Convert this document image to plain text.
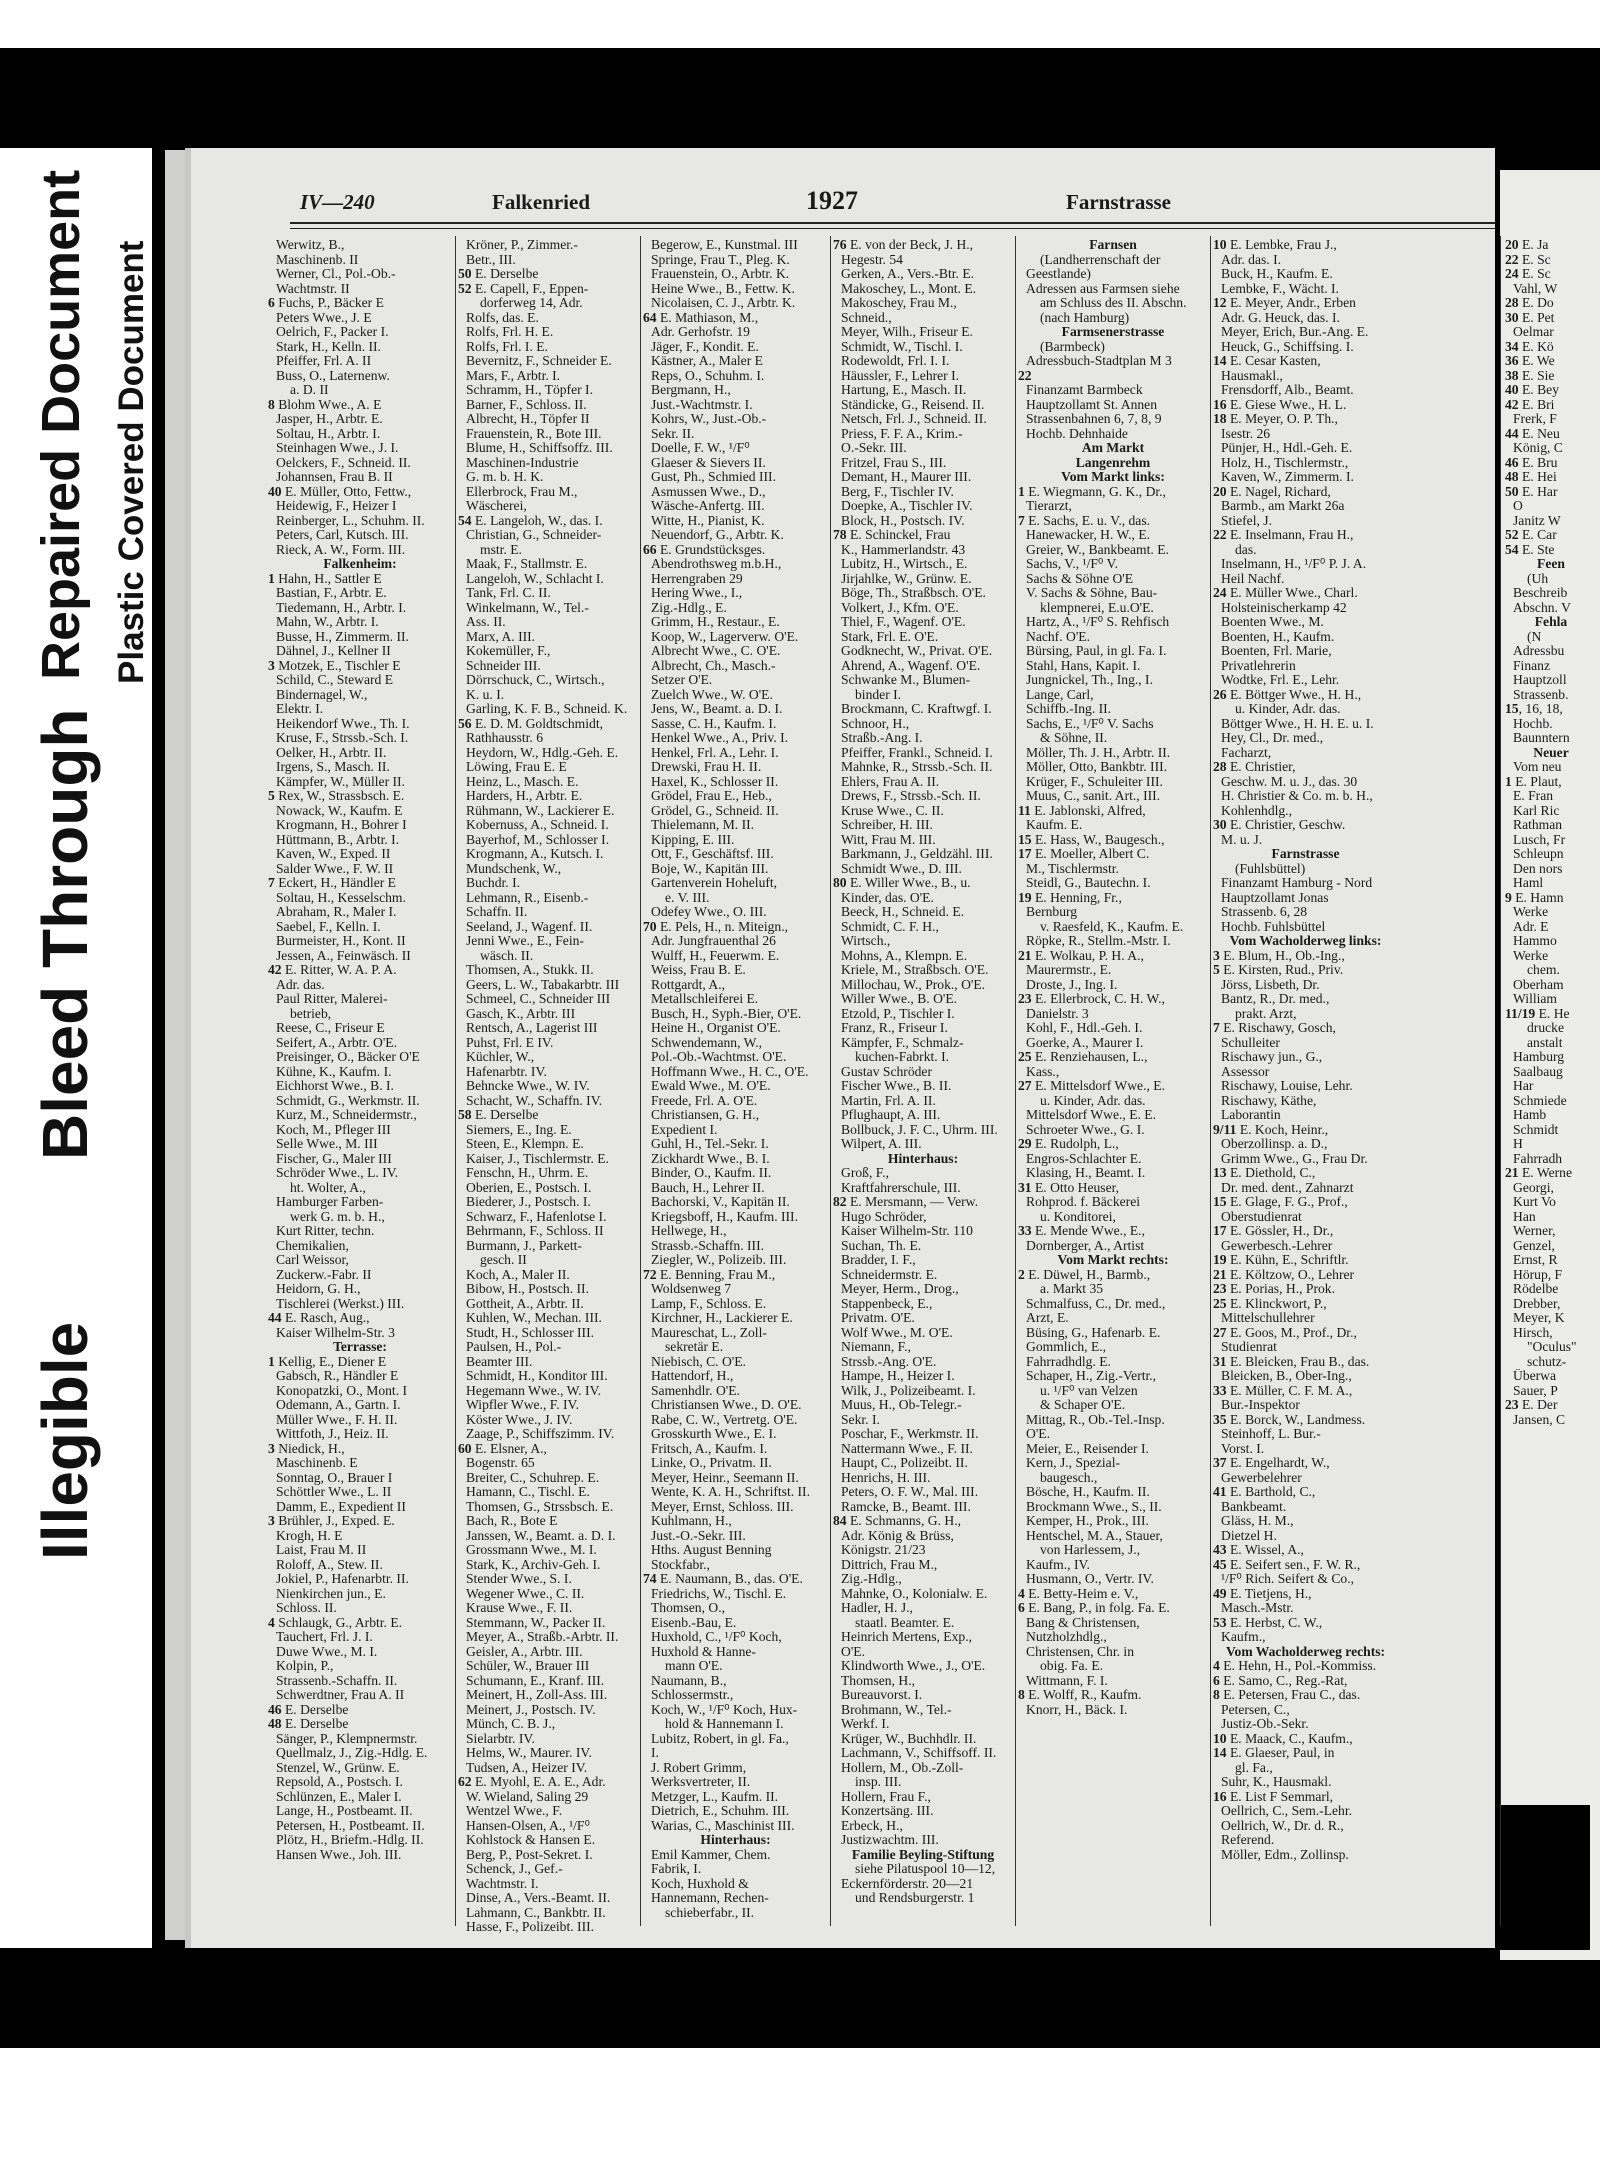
Illegible
Bleed Through
Repaired Document Plastic Covered Document
IV—240	Falkenried	1927	Farnstrasse
Werwitz, B.,
Maschinenb. II
Werner, Cl., Pol.-Ob.-
Wachtmstr. II
6 Fuchs, P., Bäcker E
Peters Wwe., J. E
Oelrich, F., Packer I.
Stark, H., Kelln. II.
Pfeiffer, Frl. A. II
Buss, O., Laternenw.
a. D. II
8 Blohm Wwe., A. E
Jasper, H., Arbtr. E.
Soltau, H., Arbtr. I.
Steinhagen Wwe., J. I.
Oelckers, F., Schneid. II.
Johannsen, Frau B. II
40 E. Müller, Otto, Fettw.,
Heidewig, F., Heizer I
Reinberger, L., Schuhm. II.
Peters, Carl, Kutsch. III.
Rieck, A. W., Form. III.
Falkenheim:
1 Hahn, H., Sattler E
Bastian, F., Arbtr. E.
Tiedemann, H., Arbtr. I.
Mahn, W., Arbtr. I.
Busse, H., Zimmerm. II.
Dähnel, J., Kellner II
3 Motzek, E., Tischler E
Schild, C., Steward E
Bindernagel, W.,
Elektr. I.
Heikendorf Wwe., Th. I.
Kruse, F., Strssb.-Sch. I.
Oelker, H., Arbtr. II.
Irgens, S., Masch. II.
Kämpfer, W., Müller II.
5 Rex, W., Strassbsch. E.
Nowack, W., Kaufm. E
Krogmann, H., Bohrer I
Hüttmann, B., Arbtr. I.
Kaven, W., Exped. II
Salder Wwe., F. W. II
7 Eckert, H., Händler E
Soltau, H., Kesselschm.
Abraham, R., Maler I.
Saebel, F., Kelln. I.
Burmeister, H., Kont. II
Jessen, A., Feinwäsch. II
42 E. Ritter, W. A. P. A.
Adr. das.
Paul Ritter, Malerei-
betrieb,
Reese, C., Friseur E
Seifert, A., Arbtr. O'E.
Preisinger, O., Bäcker O'E
Kühne, K., Kaufm. I.
Eichhorst Wwe., B. I.
Schmidt, G., Werkmstr. II.
Kurz, M., Schneidermstr.,
Koch, M., Pfleger III
Selle Wwe., M. III
Fischer, G., Maler III
Schröder Wwe., L. IV.
ht. Wolter, A.,
Hamburger Farben-
werk G. m. b. H.,
Kurt Ritter, techn.
Chemikalien,
Carl Weissor,
Zuckerw.-Fabr. II
Heidorn, G. H.,
Tischlerei (Werkst.) III.
44 E. Rasch, Aug.,
Kaiser Wilhelm-Str. 3
Terrasse:
1 Kellig, E., Diener E
Gabsch, R., Händler E
Konopatzki, O., Mont. I
Odemann, A., Gartn. I.
Müller Wwe., F. H. II.
Wittfoth, J., Heiz. II.
3 Niedick, H.,
Maschinenb. E
Sonntag, O., Brauer I
Schöttler Wwe., L. II
Damm, E., Expedient II
3 Brühler, J., Exped. E.
Krogh, H. E
Laist, Frau M. II
Roloff, A., Stew. II.
Jokiel, P., Hafenarbtr. II.
Nienkirchen jun., E.
Schloss. II.
4 Schlaugk, G., Arbtr. E.
Tauchert, Frl. J. I.
Duwe Wwe., M. I.
Kolpin, P.,
Strassenb.-Schaffn. II.
Schwerdtner, Frau A. II
46 E. Derselbe
48 E. Derselbe
Sänger, P., Klempnermstr.
Quellmalz, J., Zig.-Hdlg. E.
Stenzel, W., Grünw. E.
Repsold, A., Postsch. I.
Schlünzen, E., Maler I.
Lange, H., Postbeamt. II.
Petersen, H., Postbeamt. II.
Plötz, H., Briefm.-Hdlg. II.
Hansen Wwe., Joh. III.
Kröner, P., Zimmer.-
Betr., III.
50 E. Derselbe
52 E. Capell, F., Eppen-
dorferweg 14, Adr.
Rolfs, das. E.
Rolfs, Frl. H. E.
Rolfs, Frl. I. E.
Bevernitz, F., Schneider E.
Mars, F., Arbtr. I.
Schramm, H., Töpfer I.
Barner, F., Schloss. II.
Albrecht, H., Töpfer II
Frauenstein, R., Bote III.
Blume, H., Schiffsoffz. III.
Maschinen-Industrie
G. m. b. H. K.
Ellerbrock, Frau M.,
Wäscherei,
54 E. Langeloh, W., das. I.
Christian, G., Schneider-
mstr. E.
Maak, F., Stallmstr. E.
Langeloh, W., Schlacht I.
Tank, Frl. C. II.
Winkelmann, W., Tel.-
Ass. II.
Marx, A. III.
Kokemüller, F.,
Schneider III.
Dörrschuck, C., Wirtsch.,
K. u. I.
Garling, K. F. B., Schneid. K.
56 E. D. M. Goldtschmidt,
Rathhausstr. 6
Heydorn, W., Hdlg.-Geh. E.
Löwing, Frau E. E
Heinz, L., Masch. E.
Harders, H., Arbtr. E.
Rühmann, W., Lackierer E.
Kobernuss, A., Schneid. I.
Bayerhof, M., Schlosser I.
Krogmann, A., Kutsch. I.
Mundschenk, W.,
Buchdr. I.
Lehmann, R., Eisenb.-
Schaffn. II.
Seeland, J., Wagenf. II.
Jenni Wwe., E., Fein-
wäsch. II.
Thomsen, A., Stukk. II.
Geers, L. W., Tabakarbtr. III
Schmeel, C., Schneider III
Gasch, K., Arbtr. III
Rentsch, A., Lagerist III
Puhst, Frl. E IV.
Küchler, W.,
Hafenarbtr. IV.
Behncke Wwe., W. IV.
Schacht, W., Schaffn. IV.
58 E. Derselbe
Siemers, E., Ing. E.
Steen, E., Klempn. E.
Kaiser, J., Tischlermstr. E.
Fenschn, H., Uhrm. E.
Oberien, E., Postsch. I.
Biederer, J., Postsch. I.
Schwarz, F., Hafenlotse I.
Behrmann, F., Schloss. II
Burmann, J., Parkett-
gesch. II
Koch, A., Maler II.
Bibow, H., Postsch. II.
Gottheit, A., Arbtr. II.
Kuhlen, W., Mechan. III.
Studt, H., Schlosser III.
Paulsen, H., Pol.-
Beamter III.
Schmidt, H., Konditor III.
Hegemann Wwe., W. IV.
Wipfler Wwe., F. IV.
Köster Wwe., J. IV.
Zaage, P., Schiffszimm. IV.
60 E. Elsner, A.,
Bogenstr. 65
Breiter, C., Schuhrep. E.
Hamann, C., Tischl. E.
Thomsen, G., Strssbsch. E.
Bach, R., Bote E
Janssen, W., Beamt. a. D. I.
Grossmann Wwe., M. I.
Stark, K., Archiv-Geh. I.
Stender Wwe., S. I.
Wegener Wwe., C. II.
Krause Wwe., F. II.
Stemmann, W., Packer II.
Meyer, A., Straßb.-Arbtr. II.
Geisler, A., Arbtr. III.
Schüler, W., Brauer III
Schumann, E., Kranf. III.
Meinert, H., Zoll-Ass. III.
Meinert, J., Postsch. IV.
Münch, C. B. J.,
Sielarbtr. IV.
Helms, W., Maurer. IV.
Tudsen, A., Heizer IV.
62 E. Myohl, E. A. E., Adr.
W. Wieland, Saling 29
Wentzel Wwe., F.
Hansen-Olsen, A., ¹/F⁰
Kohlstock & Hansen E.
Berg, P., Post-Sekret. I.
Schenck, J., Gef.-
Wachtmstr. I.
Dinse, A., Vers.-Beamt. II.
Lahmann, C., Bankbtr. II.
Hasse, F., Polizeibt. III.
Begerow, E., Kunstmal. III
Springe, Frau T., Pleg. K.
Frauenstein, O., Arbtr. K.
Heine Wwe., B., Fettw. K.
Nicolaisen, C. J., Arbtr. K.
64 E. Mathiason, M.,
Adr. Gerhofstr. 19
Jäger, F., Kondit. E.
Kästner, A., Maler E
Reps, O., Schuhm. I.
Bergmann, H.,
Just.-Wachtmstr. I.
Kohrs, W., Just.-Ob.-
Sekr. II.
Doelle, F. W., ¹/F⁰
Glaeser & Sievers II.
Gust, Ph., Schmied III.
Asmussen Wwe., D.,
Wäsche-Anfertg. III.
Witte, H., Pianist, K.
Neuendorf, G., Arbtr. K.
66 E. Grundstücksges.
Abendrothsweg m.b.H.,
Herrengraben 29
Hering Wwe., I.,
Zig.-Hdlg., E.
Grimm, H., Restaur., E.
Koop, W., Lagerverw. O'E.
Albrecht Wwe., C. O'E.
Albrecht, Ch., Masch.-
Setzer O'E.
Zuelch Wwe., W. O'E.
Jens, W., Beamt. a. D. I.
Sasse, C. H., Kaufm. I.
Henkel Wwe., A., Priv. I.
Henkel, Frl. A., Lehr. I.
Drewski, Frau H. II.
Haxel, K., Schlosser II.
Grödel, Frau E., Heb.,
Grödel, G., Schneid. II.
Thielemann, M. II.
Kipping, E. III.
Ott, F., Geschäftsf. III.
Boje, W., Kapitän III.
Gartenverein Hoheluft,
e. V. III.
Odefey Wwe., O. III.
70 E. Pels, H., n. Miteign.,
Adr. Jungfrauenthal 26
Wulff, H., Feuerwm. E.
Weiss, Frau B. E.
Rottgardt, A.,
Metallschleiferei E.
Busch, H., Syph.-Bier, O'E.
Heine H., Organist O'E.
Schwendemann, W.,
Pol.-Ob.-Wachtmst. O'E.
Hoffmann Wwe., H. C., O'E.
Ewald Wwe., M. O'E.
Freede, Frl. A. O'E.
Christiansen, G. H.,
Expedient I.
Guhl, H., Tel.-Sekr. I.
Zickhardt Wwe., B. I.
Binder, O., Kaufm. II.
Bauch, H., Lehrer II.
Bachorski, V., Kapitän II.
Kriegsboff, H., Kaufm. III.
Hellwege, H.,
Strassb.-Schaffn. III.
Ziegler, W., Polizeib. III.
72 E. Benning, Frau M.,
Woldsenweg 7
Lamp, F., Schloss. E.
Kirchner, H., Lackierer E.
Maureschat, L., Zoll-
sekretär E.
Niebisch, C. O'E.
Hattendorf, H.,
Samenhdlr. O'E.
Christiansen Wwe., D. O'E.
Rabe, C. W., Vertretg. O'E.
Grosskurth Wwe., E. I.
Fritsch, A., Kaufm. I.
Linke, O., Privatm. II.
Meyer, Heinr., Seemann II.
Wente, K. A. H., Schriftst. II.
Meyer, Ernst, Schloss. III.
Kuhlmann, H.,
Just.-O.-Sekr. III.
Hths. August Benning
Stockfabr.,
74 E. Naumann, B., das. O'E.
Friedrichs, W., Tischl. E.
Thomsen, O.,
Eisenb.-Bau, E.
Huxhold, C., ¹/F⁰ Koch,
Huxhold & Hanne-
mann O'E.
Naumann, B.,
Schlossermstr.,
Koch, W., ¹/F⁰ Koch, Hux-
hold & Hannemann I.
Lubitz, Robert, in gl. Fa.,
I.
J. Robert Grimm,
Werksvertreter, II.
Metzger, L., Kaufm. II.
Dietrich, E., Schuhm. III.
Warias, C., Maschinist III.
Hinterhaus:
Emil Kammer, Chem.
Fabrik, I.
Koch, Huxhold &
Hannemann, Rechen-
schieberfabr., II.
76 E. von der Beck, J. H.,
Hegestr. 54
Gerken, A., Vers.-Btr. E.
Makoschey, L., Mont. E.
Makoschey, Frau M.,
Schneid.,
Meyer, Wilh., Friseur E.
Schmidt, W., Tischl. I.
Rodewoldt, Frl. I. I.
Häussler, F., Lehrer I.
Hartung, E., Masch. II.
Ständicke, G., Reisend. II.
Netsch, Frl. J., Schneid. II.
Priess, F. F. A., Krim.-
O.-Sekr. III.
Fritzel, Frau S., III.
Demant, H., Maurer III.
Berg, F., Tischler IV.
Doepke, A., Tischler IV.
Block, H., Postsch. IV.
78 E. Schinckel, Frau
K., Hammerlandstr. 43
Lubitz, H., Wirtsch., E.
Jirjahlke, W., Grünw. E.
Böge, Th., Straßbsch. O'E.
Volkert, J., Kfm. O'E.
Thiel, F., Wagenf. O'E.
Stark, Frl. E. O'E.
Godknecht, W., Privat. O'E.
Ahrend, A., Wagenf. O'E.
Schwanke M., Blumen-
binder I.
Brockmann, C. Kraftwgf. I.
Schnoor, H.,
Straßb.-Ang. I.
Pfeiffer, Frankl., Schneid. I.
Mahnke, R., Strssb.-Sch. II.
Ehlers, Frau A. II.
Drews, F., Strssb.-Sch. II.
Kruse Wwe., C. II.
Schreiber, H. III.
Witt, Frau M. III.
Barkmann, J., Geldzähl. III.
Schmidt Wwe., D. III.
80 E. Willer Wwe., B., u.
Kinder, das. O'E.
Beeck, H., Schneid. E.
Schmidt, C. F. H.,
Wirtsch.,
Mohns, A., Klempn. E.
Kriele, M., Straßbsch. O'E.
Millochau, W., Prok., O'E.
Willer Wwe., B. O'E.
Etzold, P., Tischler I.
Franz, R., Friseur I.
Kämpfer, F., Schmalz-
kuchen-Fabrkt. I.
Gustav Schröder
Fischer Wwe., B. II.
Martin, Frl. A. II.
Pflughaupt, A. III.
Bollbuck, J. F. C., Uhrm. III.
Wilpert, A. III.
Hinterhaus:
Groß, F.,
Kraftfahrerschule, III.
82 E. Mersmann, — Verw.
Hugo Schröder,
Kaiser Wilhelm-Str. 110
Suchan, Th. E.
Bradder, I. F.,
Schneidermstr. E.
Meyer, Herm., Drog.,
Stappenbeck, E.,
Privatm. O'E.
Wolf Wwe., M. O'E.
Niemann, F.,
Strssb.-Ang. O'E.
Hampe, H., Heizer I.
Wilk, J., Polizeibeamt. I.
Muus, H., Ob-Telegr.-
Sekr. I.
Poschar, F., Werkmstr. II.
Nattermann Wwe., F. II.
Haupt, C., Polizeibt. II.
Henrichs, H. III.
Peters, O. F. W., Mal. III.
Ramcke, B., Beamt. III.
84 E. Schmanns, G. H.,
Adr. König & Brüss,
Königstr. 21/23
Dittrich, Frau M.,
Zig.-Hdlg.,
Mahnke, O., Kolonialw. E.
Hadler, H. J.,
staatl. Beamter. E.
Heinrich Mertens, Exp.,
O'E.
Klindworth Wwe., J., O'E.
Thomsen, H.,
Bureauvorst. I.
Brohmann, W., Tel.-
Werkf. I.
Krüger, W., Buchhdlr. II.
Lachmann, V., Schiffsoff. II.
Hollern, M., Ob.-Zoll-
insp. III.
Hollern, Frau F.,
Konzertsäng. III.
Erbeck, H.,
Justizwachtm. III.
Familie Beyling-Stiftung
siehe Pilatuspool 10—12,
Eckernförderstr. 20—21
und Rendsburgerstr. 1
Farnsen
(Landherrenschaft der
Geestlande)
Adressen aus Farmsen siehe
am Schluss des II. Abschn.
(nach Hamburg)
Farmsenerstrasse
(Barmbeck)
Adressbuch-Stadtplan M 3
22
Finanzamt Barmbeck
Hauptzollamt St. Annen
Strassenbahnen 6, 7, 8, 9
Hochb. Dehnhaide
Am Markt
Langenrehm
Vom Markt links:
1 E. Wiegmann, G. K., Dr.,
Tierarzt,
7 E. Sachs, E. u. V., das.
Hanewacker, H. W., E.
Greier, W., Bankbeamt. E.
Sachs, V., ¹/F⁰ V.
Sachs & Söhne O'E
V. Sachs & Söhne, Bau-
klempnerei, E.u.O'E.
Hartz, A., ¹/F⁰ S. Rehfisch
Nachf. O'E.
Bürsing, Paul, in gl. Fa. I.
Stahl, Hans, Kapit. I.
Jungnickel, Th., Ing., I.
Lange, Carl,
Schiffb.-Ing. II.
Sachs, E., ¹/F⁰ V. Sachs
& Söhne, II.
Möller, Th. J. H., Arbtr. II.
Möller, Otto, Bankbtr. III.
Krüger, F., Schuleiter III.
Muus, C., sanit. Art., III.
11 E. Jablonski, Alfred,
Kaufm. E.
15 E. Hass, W., Baugesch.,
17 E. Moeller, Albert C.
M., Tischlermstr.
Steidl, G., Bautechn. I.
19 E. Henning, Fr.,
Bernburg
v. Raesfeld, K., Kaufm. E.
Röpke, R., Stellm.-Mstr. I.
21 E. Wolkau, P. H. A.,
Maurermstr., E.
Droste, J., Ing. I.
23 E. Ellerbrock, C. H. W.,
Danielstr. 3
Kohl, F., Hdl.-Geh. I.
Goerke, A., Maurer I.
25 E. Renziehausen, L.,
Kass.,
27 E. Mittelsdorf Wwe., E.
u. Kinder, Adr. das.
Mittelsdorf Wwe., E. E.
Schroeter Wwe., G. I.
29 E. Rudolph, L.,
Engros-Schlachter E.
Klasing, H., Beamt. I.
31 E. Otto Heuser,
Rohprod. f. Bäckerei
u. Konditorei,
33 E. Mende Wwe., E.,
Dornberger, A., Artist
Vom Markt rechts:
2 E. Düwel, H., Barmb.,
a. Markt 35
Schmalfuss, C., Dr. med.,
Arzt, E.
Büsing, G., Hafenarb. E.
Gommlich, E.,
Fahrradhdlg. E.
Schaper, H., Zig.-Vertr.,
u. ¹/F⁰ van Velzen
& Schaper O'E.
Mittag, R., Ob.-Tel.-Insp.
O'E.
Meier, E., Reisender I.
Kern, J., Spezial-
baugesch.,
Bösche, H., Kaufm. II.
Brockmann Wwe., S., II.
Kemper, H., Prok., III.
Hentschel, M. A., Stauer,
von Harlessem, J.,
Kaufm., IV.
Husmann, O., Vertr. IV.
4 E. Betty-Heim e. V.,
6 E. Bang, P., in folg. Fa. E.
Bang & Christensen,
Nutzholzhdlg.,
Christensen, Chr. in
obig. Fa. E.
Wittmann, F. I.
8 E. Wolff, R., Kaufm.
Knorr, H., Bäck. I.
10 E. Lembke, Frau J.,
Adr. das. I.
Buck, H., Kaufm. E.
Lembke, F., Wächt. I.
12 E. Meyer, Andr., Erben
Adr. G. Heuck, das. I.
Meyer, Erich, Bur.-Ang. E.
Heuck, G., Schiffsing. I.
14 E. Cesar Kasten,
Hausmakl.,
Frensdorff, Alb., Beamt.
16 E. Giese Wwe., H. L.
18 E. Meyer, O. P. Th.,
Isestr. 26
Pünjer, H., Hdl.-Geh. E.
Holz, H., Tischlermstr.,
Kaven, W., Zimmerm. I.
20 E. Nagel, Richard,
Barmb., am Markt 26a
Stiefel, J.
22 E. Inselmann, Frau H.,
das.
Inselmann, H., ¹/F⁰ P. J. A.
Heil Nachf.
24 E. Müller Wwe., Charl.
Holsteinischerkamp 42
Boenten Wwe., M.
Boenten, H., Kaufm.
Boenten, Frl. Marie,
Privatlehrerin
Wodtke, Frl. E., Lehr.
26 E. Böttger Wwe., H. H.,
u. Kinder, Adr. das.
Böttger Wwe., H. H. E. u. I.
Hey, Cl., Dr. med.,
Facharzt,
28 E. Christier,
Geschw. M. u. J., das. 30
H. Christier & Co. m. b. H.,
Kohlenhdlg.,
30 E. Christier, Geschw.
M. u. J.
Farnstrasse
(Fuhlsbüttel)
Finanzamt Hamburg - Nord
Hauptzollamt Jonas
Strassenb. 6, 28
Hochb. Fuhlsbüttel
Vom Wacholderweg links:
3 E. Blum, H., Ob.-Ing.,
5 E. Kirsten, Rud., Priv.
Jörss, Lisbeth, Dr.
Bantz, R., Dr. med.,
prakt. Arzt,
7 E. Rischawy, Gosch,
Schulleiter
Rischawy jun., G.,
Assessor
Rischawy, Louise, Lehr.
Rischawy, Käthe,
Laborantin
9/11 E. Koch, Heinr.,
Oberzollinsp. a. D.,
Grimm Wwe., G., Frau Dr.
13 E. Diethold, C.,
Dr. med. dent., Zahnarzt
15 E. Glage, F. G., Prof.,
Oberstudienrat
17 E. Gössler, H., Dr.,
Gewerbesch.-Lehrer
19 E. Kühn, E., Schriftlr.
21 E. Költzow, O., Lehrer
23 E. Porias, H., Prok.
25 E. Klinckwort, P.,
Mittelschullehrer
27 E. Goos, M., Prof., Dr.,
Studienrat
31 E. Bleicken, Frau B., das.
Bleicken, B., Ober-Ing.,
33 E. Müller, C. F. M. A.,
Bur.-Inspektor
35 E. Borck, W., Landmess.
Steinhoff, L. Bur.-
Vorst. I.
37 E. Engelhardt, W.,
Gewerbelehrer
41 E. Barthold, C.,
Bankbeamt.
Gläss, H. M.,
Dietzel H.
43 E. Wissel, A.,
45 E. Seifert sen., F. W. R.,
¹/F⁰ Rich. Seifert & Co.,
49 E. Tietjens, H.,
Masch.-Mstr.
53 E. Herbst, C. W.,
Kaufm.,
Vom Wacholderweg rechts:
4 E. Hehn, H., Pol.-Kommiss.
6 E. Samo, C., Reg.-Rat,
8 E. Petersen, Frau C., das.
Petersen, C.,
Justiz-Ob.-Sekr.
10 E. Maack, C., Kaufm.,
14 E. Glaeser, Paul, in
gl. Fa.,
Suhr, K., Hausmakl.
16 E. List F Semmarl,
Oellrich, C., Sem.-Lehr.
Oellrich, W., Dr. d. R.,
Referend.
Möller, Edm., Zollinsp.
20 E. Ja
22 E. Sc
24 E. Sc
Vahl, W
28 E. Do
30 E. Pet
Oelmar
34 E. Kö
36 E. We
38 E. Sie
40 E. Bey
42 E. Bri
Frerk, F
44 E. Neu
König, C
46 E. Bru
48 E. Hei
50 E. Har
O
Janitz W
52 E. Car
54 E. Ste
Feen
(Uh
Beschreib
Abschn. V
Fehla
(N
Adressbu
Finanz
Hauptzoll
Strassenb.
15, 16, 18,
Hochb.
Baunntern
Neuer
Vom neu
1 E. Plaut,
E. Fran
Karl Ric
Rathman
Lusch, Fr
Schleupn
Den nors
Haml
9 E. Hamn
Werke
Adr. E
Hammo
Werke
chem.
Oberham
William
11/19 E. He
drucke
anstalt
Hamburg
Saalbaug
Har
Schmiede
Hamb
Schmidt
H
Fahrradh
21 E. Werne
Georgi,
Kurt Vo
Han
Werner,
Genzel,
Ernst, R
Hörup, F
Rödelbe
Drebber,
Meyer, K
Hirsch,
"Oculus"
schutz-
Überwa
Sauer, P
23 E. Der
Jansen, C
